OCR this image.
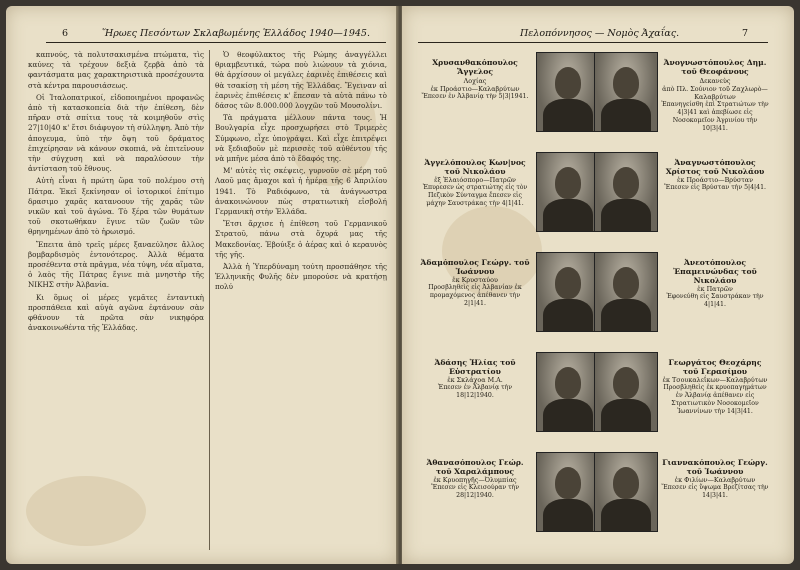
6	Ἥρωες Πεσόντων Σκλαβωμένης Ἑλλάδος 1940—1945.

καπνούς, τὰ πολυτσακισμένα πτώματα, τὶς καύνες τὰ τρέχουν δεξιὰ ζερβὰ ἀπὸ τὰ φαντάσματα μας χαρακτηριστικὰ προσέχουντα στὰ κέντρα παρουσιάσεως.

Οἱ Ἰταλοπατρικοί, εἰδοποιημένοι προφανῶς ἀπὸ τὴ κατασκοπεία διὰ τὴν ἐπίθεση, δὲν πῆραν στὰ σπίτια τους τὰ κοιμηθοῦν στὶς 27|10|40 κ' ἔτσι διάφυγον τὴ σύλληψη. Ἀπὸ τὴν ἀπογευμα, ὑπὸ τὴν ὄψη τοῦ δράματος ἐπιχείρησαν νὰ κάνουν σκοπιά, νὰ ἐπιτεῖνουν τὴν σύγχυση καὶ νὰ παραλύσουν τὴν ἀντίσταση τοῦ ἔθνους.

Αὐτὴ εἶναι ἡ πρώτη ὥρα τοῦ πολέμου στὴ Πάτρα. Ἐκεῖ ξεκίνησαν οἱ ἰστορικοί ἐπίτιμο δρασιμο χαρᾶς κατανοουν τῆς χαρᾶς τῶν νικῶν καὶ τοῦ ἀγώνα. Τὸ ξέρα τῶν θυμάτων τοῦ σκοτωθήκαν ἔγινε τῶν ζωῶν τῶν θρηνημένων ἀπὸ τὸ ἡρωισμό.

Ἔπειτα ἀπὸ τρεῖς μέρες ξαναεύλησε ἄλλος βομβαρδισμὸς ἐντονότερος. Ἀλλὰ θέματα προσέθεντα στὰ πρᾶγμα, νέα τύψη, νέα αἵματα, ὁ λαὸς τῆς Πάτρας ἔγινε πιὰ μνηστὴρ τῆς ΝΙΚΗΣ στὴν Ἀλβανία.

Κι ὅμως οἱ μέρες γεμᾶτες ἐνταντικὴ προσπάθεια καὶ αὐγὰ αγῶνα ἐφτάνουν σὰν φθάνουν τὰ πρῶτα σὰν νικηφόρα ἀνακοινωθέντα τῆς Ἑλλάδας.

Ὁ θεοφύλακτος τῆς Ρώμης ἀναγγέλλει θριαμβευτικά, τώρα ποὺ λιώνουν τὰ χιόνια, θὰ ἀρχίσουν οἱ μεγάλες ἐαρινὲς ἐπιθέσεις καὶ θὰ τσακίσῃ τὴ μέση τῆς Ἑλλάδας. Ἔγειναν αἱ ἐαρινὲς ἐπιθέσεις κ' ἔπεσαν τὰ αὐτὰ πάνω τὸ δάσος τῶν 8.000.000 λογχῶν τοῦ Μουσολίνι.

Τὰ πράγματα μέλλουν πάντα τους. Ἡ Βουλγαρία εἶχε προσχωρήσει στὸ Τριμερὲς Σύμφωνο, εἶχε ὑπογράψει. Καὶ εἶχε ἐπιτρέψει νὰ ξεδιαβοῦν μὲ περισσὲς τοῦ αὐθέντου τῆς νὰ μπῆνε μέσα ἀπὸ τὸ ἔδαφός της.

Μ' αὐτὲς τὶς σκέψεις, γυρνοῦν σὲ μέρη τοῦ Λαοῦ μας ἄμαχοι καὶ ἡ ἡμέρα τῆς 6 Ἀπριλίου 1941. Τὸ Ραδιόφωνο, τὰ ἀνάγνωστρα ἀνακοινώνουν πὼς στρατιωτικὴ εἰσβολή Γερμανικὴ στὴν Ἑλλάδα.

Ἔτσι ἄρχισε ἡ ἐπίθεση τοῦ Γερμανικοῦ Στρατοῦ, πάνω στὰ ὄχυρά μας τῆς Μακεδονίας. Ἐβούιξε ὁ ἀέρας καὶ ὁ κεραυνὸς τῆς γῆς.

Ἀλλὰ ἡ Ὑπερδύναμη τούτη προσπάθησε τῆς Ἑλληνικῆς Φυλῆς δὲν μπορούσε νὰ κρατήσῃ πολύ

Πελοπόννησος — Νομὸς Ἀχαΐας.	7
Χρυσανθακόπουλος Ἄγγελος
Λοχίας
ἐκ Προάστιο—Καλαβρύτων
Ἔπεσεν ἐν Ἀλβανίᾳ τὴν 5|3|1941.
Ἀνογνωστόπουλος Δημ. τοῦ Θεοφάνους
Δεκανεὺς
ἀπὸ Πλ. Σούνιον τοῦ Ζαχλωρὸ—Καλαβρύτων
Ἐπανηγείσθη ἐπὶ Στρατιώτων τὴν 4|3|41 καὶ ἀπεβίωσε εἰς Νοσοκομεῖον Ἀγρινίου τὴν 10|3|41.
Ἀγγελόπουλος Κων|νος τοῦ Νικολάου
ἐξ Ἐλαιόσπορο—Πατρῶν
Ἐπυρεσεν ὡς στρατιώτης εἰς τὸν Πεζικὸν Σύνταγμα ἔπεσεν εἰς μάχην Σαυστράκας τὴν 4|1|41.
Ἀναγνωστόπουλος Χρίστος τοῦ Νικολάου
ἐκ Προάστιο—Βρύσταν
Ἔπεσεν εἰς Βρύσταν τὴν 5|4|41.
Ἀδαμόπουλος Γεώργ. τοῦ Ἰωάννου
ἐκ Κρυσταύου
Προσβληθεὶς εἰς Ἀλβανίαν ἐκ προμαχόμενος ἀπέθανεν τὴν 2|1|41.
Ἀνεοτόπουλος Ἐπαμεινώνδας τοῦ Νικολάου
ἐκ Πατρῶν
Ἐφονεύθη εἰς Σαυστράκαν τὴν 4|1|41.
Ἀδάσης Ἠλίας τοῦ Εὐστρατίου
ἐκ Σκλάχοα Μ.Α.
Ἐπεσεν ἐν Ἀλβανίᾳ τὴν 18|12|1940.
Γεωργάτος Θεοχάρης τοῦ Γερασίμου
ἐκ Τσουκαλεΐκων—Καλαβρύτων
Προσβληθεὶς ἐκ κρυοπαγημάτων ἐν Ἀλβανίᾳ ἀπέθανεν εἰς Στρατιωτικὸν Νοσοκομεῖον Ἰωαννίνων τὴν 14|3|41.
Ἀθανασόπουλος Γεώρ. τοῦ Χαραλάμπους
ἐκ Κρυοπηγῆς—Ὀλυμπίας
Ἔπεσεν εἰς Κλεισούραν τὴν 28|12|1940.
Γιαννακόπουλος Γεώργ. τοῦ Ἰωάννου
ἐκ Φιλίων—Καλαβρύτων
Ἔπεσεν εἰς ὕψωμα Βρεζίτσας τὴν 14|3|41.
